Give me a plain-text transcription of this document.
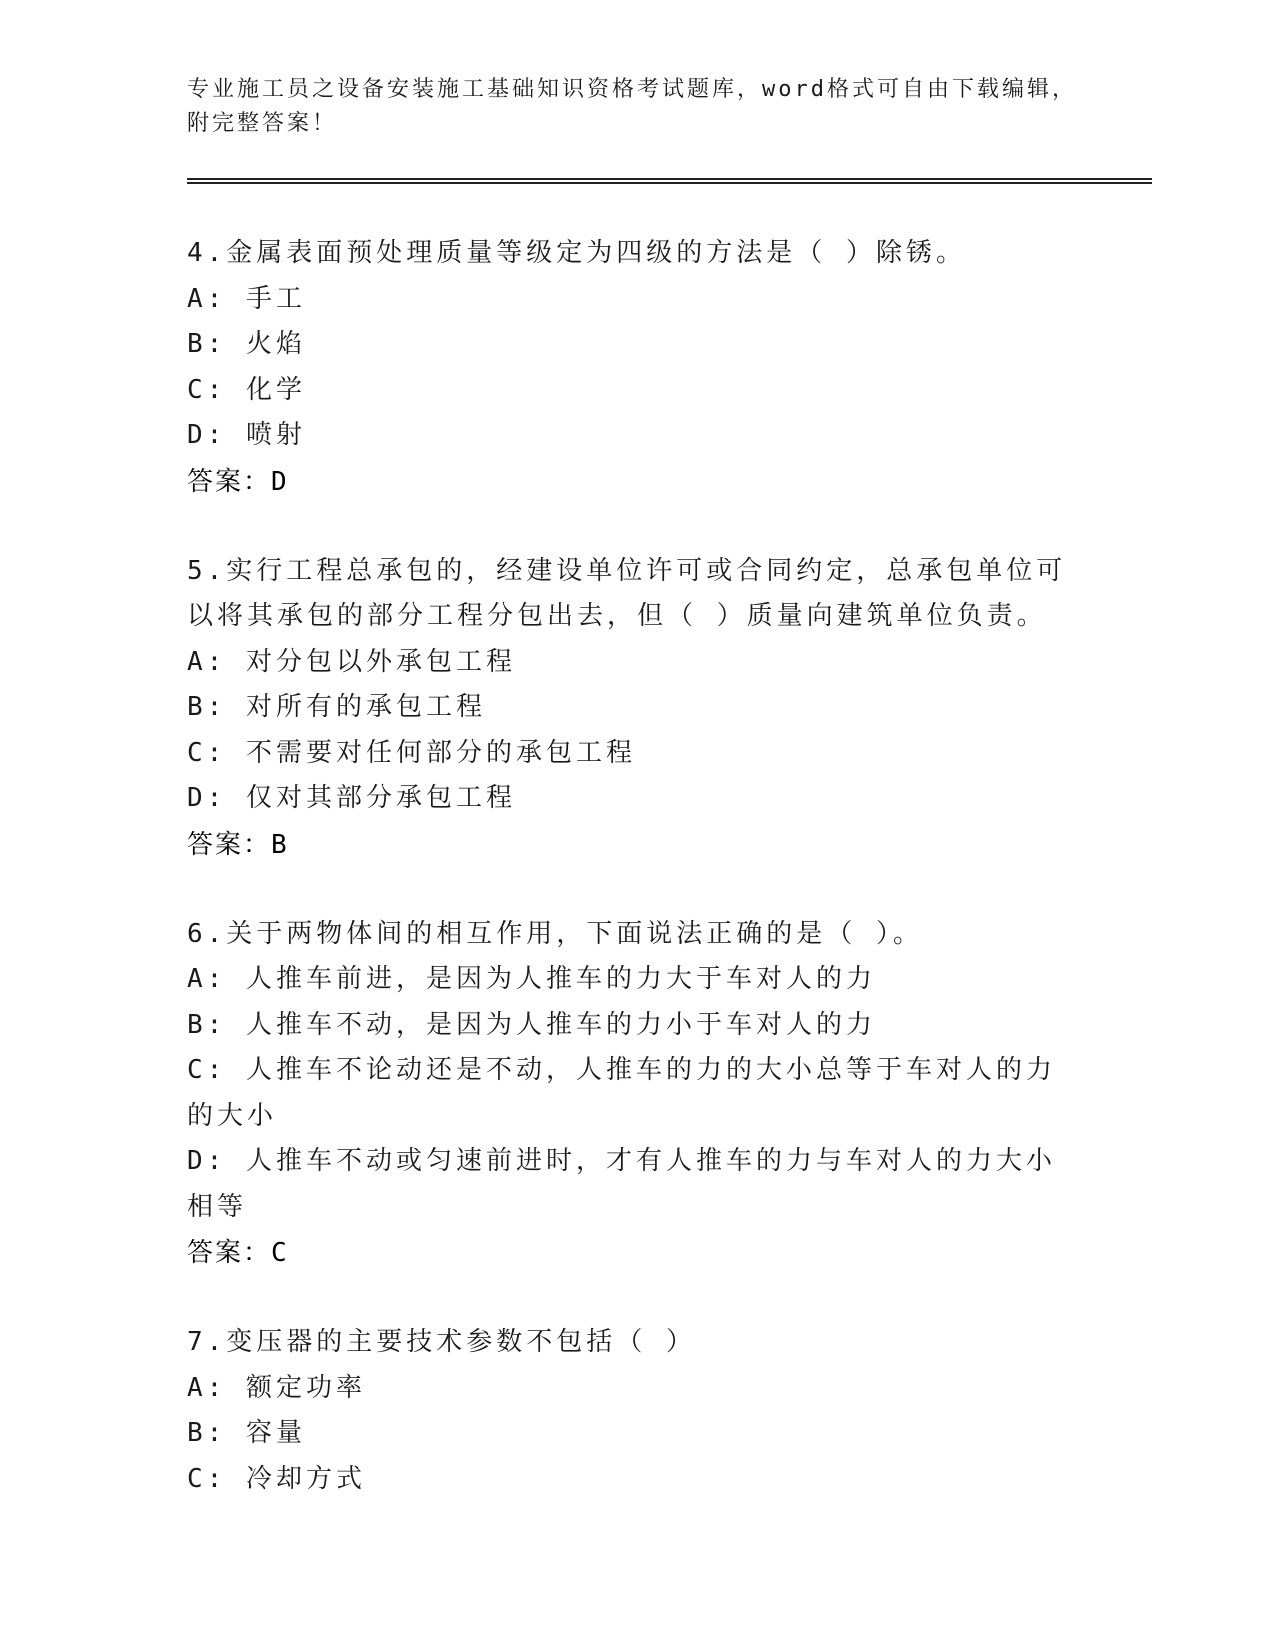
专业施工员之设备安装施工基础知识资格考试题库，word格式可自由下载编辑，
附完整答案！
4.金属表面预处理质量等级定为四级的方法是（ ）除锈。
A: 手工
B: 火焰
C: 化学
D: 喷射
答案：D
5.实行工程总承包的，经建设单位许可或合同约定，总承包单位可以将其承包的部分工程分包出去，但（ ）质量向建筑单位负责。
A: 对分包以外承包工程
B: 对所有的承包工程
C: 不需要对任何部分的承包工程
D: 仅对其部分承包工程
答案：B
6.关于两物体间的相互作用，下面说法正确的是（ ）。
A: 人推车前进，是因为人推车的力大于车对人的力
B: 人推车不动，是因为人推车的力小于车对人的力
C: 人推车不论动还是不动，人推车的力的大小总等于车对人的力的大小
D: 人推车不动或匀速前进时，才有人推车的力与车对人的力大小相等
答案：C
7.变压器的主要技术参数不包括（ ）
A: 额定功率
B: 容量
C: 冷却方式
